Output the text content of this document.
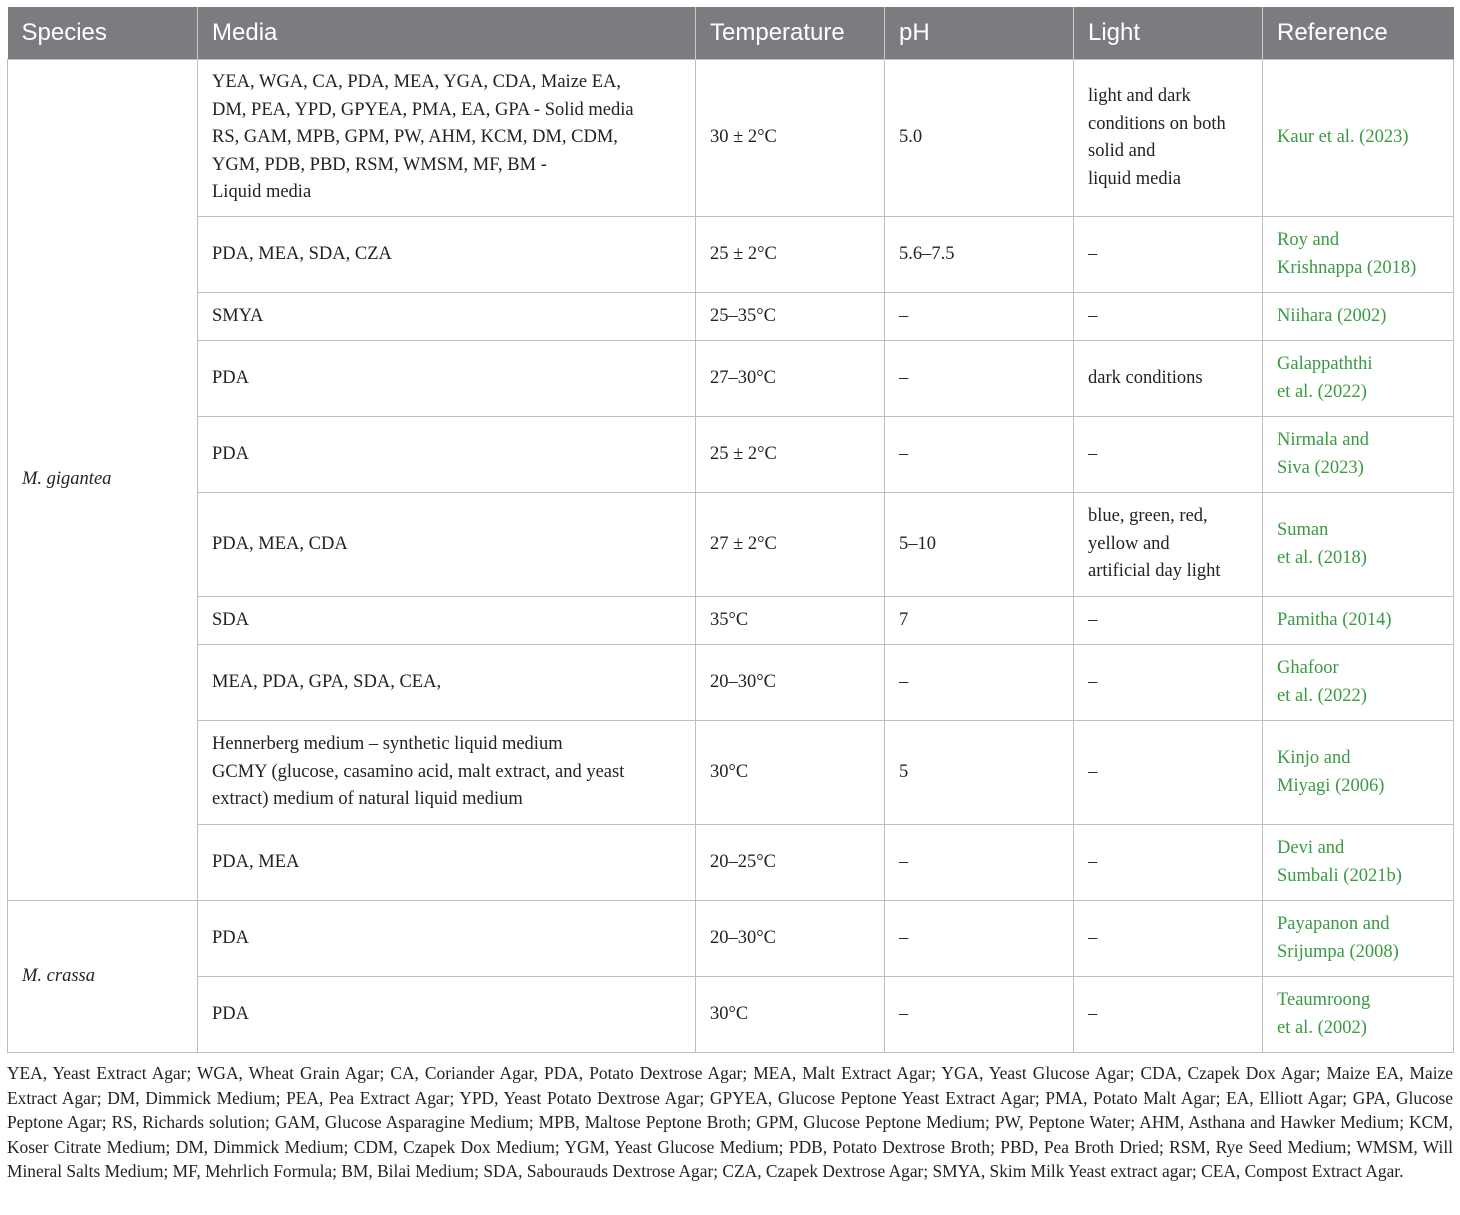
Species	Media	Temperature	pH	Light	Reference
M. gigantea	YEA, WGA, CA, PDA, MEA, YGA, CDA, Maize EA,
DM, PEA, YPD, GPYEA, PMA, EA, GPA - Solid media
RS, GAM, MPB, GPM, PW, AHM, KCM, DM, CDM,
YGM, PDB, PBD, RSM, WMSM, MF, BM -
Liquid media	30 ± 2°C	5.0	light and dark
conditions on both
solid and
liquid media	Kaur et al. (2023)

	PDA, MEA, SDA, CZA	25 ± 2°C	5.6–7.5	–	Roy and
Krishnappa (2018)

	SMYA	25–35°C	–	–	Niihara (2002)

	PDA	27–30°C	–	dark conditions	Galappaththi
et al. (2022)

	PDA	25 ± 2°C	–	–	Nirmala and
Siva (2023)

	PDA, MEA, CDA	27 ± 2°C	5–10	blue, green, red,
yellow and
artificial day light	Suman
et al. (2018)

	SDA	35°C	7	–	Pamitha (2014)

	MEA, PDA, GPA, SDA, CEA,	20–30°C	–	–	Ghafoor
et al. (2022)

	Hennerberg medium – synthetic liquid medium
GCMY (glucose, casamino acid, malt extract, and yeast
extract) medium of natural liquid medium	30°C	5	–	Kinjo and
Miyagi (2006)

	PDA, MEA	20–25°C	–	–	Devi and
Sumbali (2021b)

M. crassa	PDA	20–30°C	–	–	Payapanon and
Srijumpa (2008)

	PDA	30°C	–	–	Teaumroong
et al. (2002)
YEA, Yeast Extract Agar; WGA, Wheat Grain Agar; CA, Coriander Agar, PDA, Potato Dextrose Agar; MEA, Malt Extract Agar; YGA, Yeast Glucose Agar; CDA, Czapek Dox Agar; Maize EA, Maize Extract Agar; DM, Dimmick Medium; PEA, Pea Extract Agar; YPD, Yeast Potato Dextrose Agar; GPYEA, Glucose Peptone Yeast Extract Agar; PMA, Potato Malt Agar; EA, Elliott Agar; GPA, Glucose Peptone Agar; RS, Richards solution; GAM, Glucose Asparagine Medium; MPB, Maltose Peptone Broth; GPM, Glucose Peptone Medium; PW, Peptone Water; AHM, Asthana and Hawker Medium; KCM, Koser Citrate Medium; DM, Dimmick Medium; CDM, Czapek Dox Medium; YGM, Yeast Glucose Medium; PDB, Potato Dextrose Broth; PBD, Pea Broth Dried; RSM, Rye Seed Medium; WMSM, Will Mineral Salts Medium; MF, Mehrlich Formula; BM, Bilai Medium; SDA, Sabourauds Dextrose Agar; CZA, Czapek Dextrose Agar; SMYA, Skim Milk Yeast extract agar; CEA, Compost Extract Agar.
